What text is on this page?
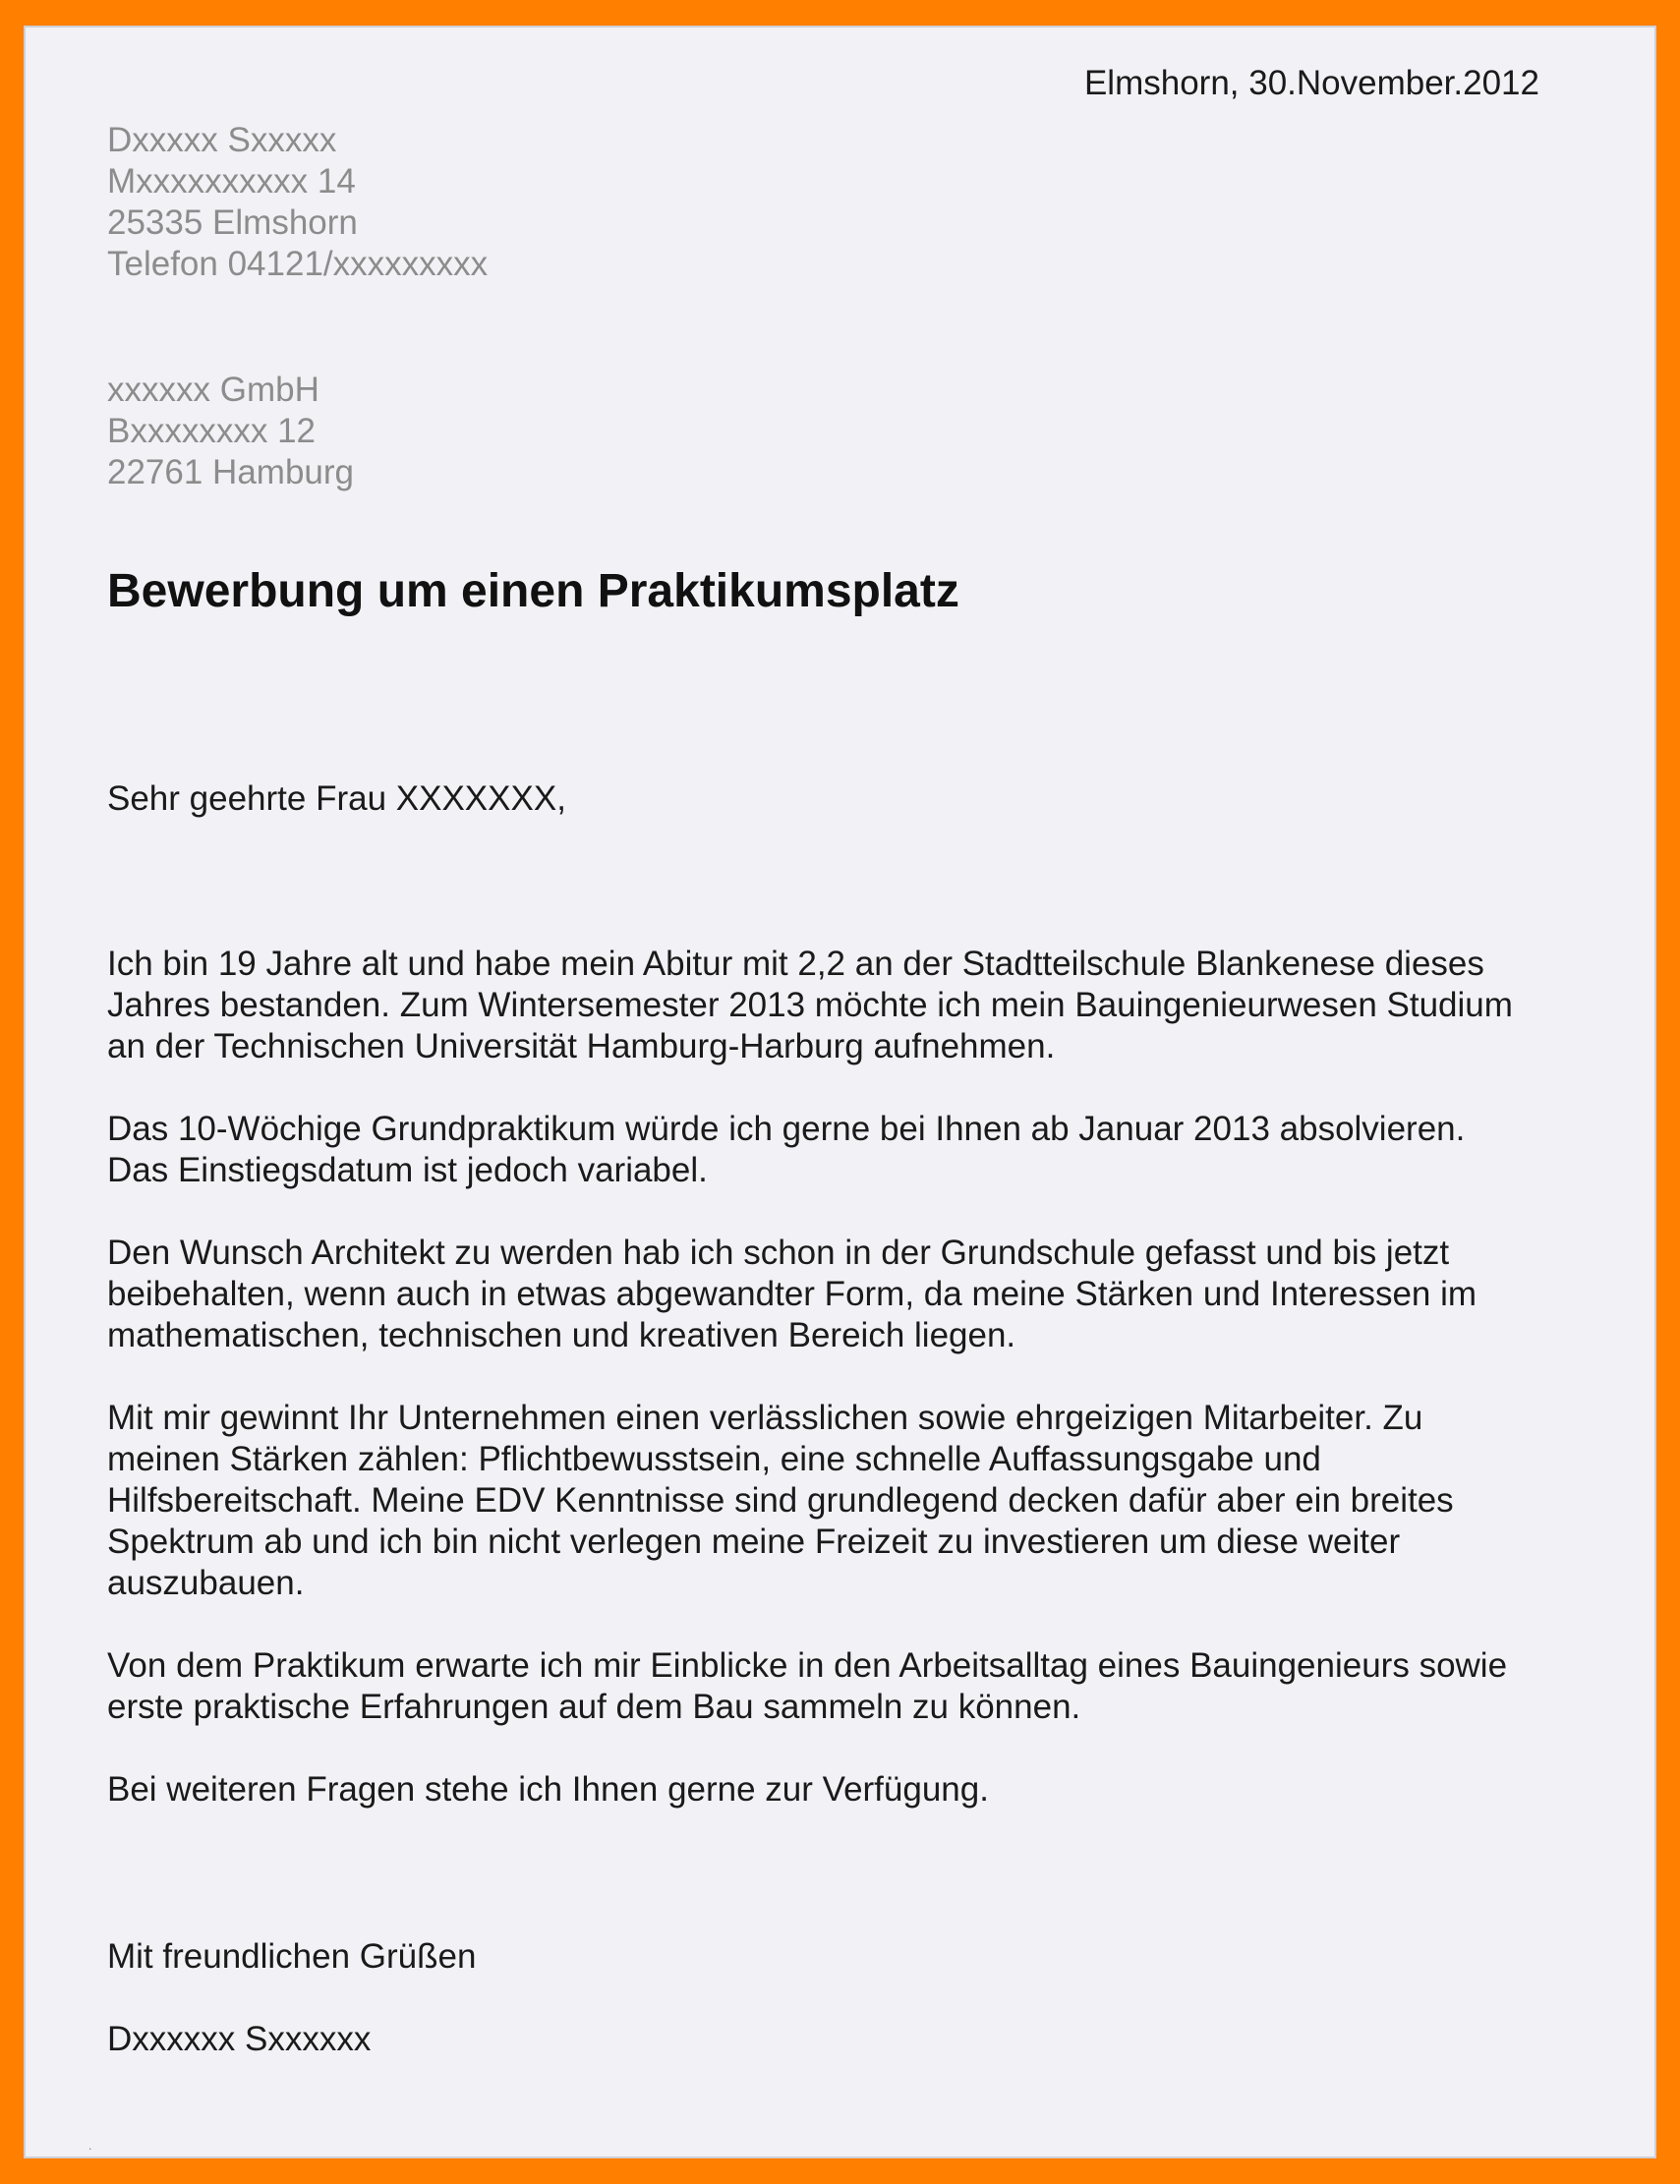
Elmshorn, 30.November.2012
Dxxxxx Sxxxxx
Mxxxxxxxxxx 14
25335 Elmshorn
Telefon 04121/xxxxxxxxx
xxxxxx GmbH
Bxxxxxxxx 12
22761 Hamburg
Bewerbung um einen Praktikumsplatz
Sehr geehrte Frau XXXXXXX,
Ich bin 19 Jahre alt und habe mein Abitur mit 2,2 an der Stadtteilschule Blankenese dieses
Jahres bestanden. Zum Wintersemester 2013 möchte ich mein Bauingenieurwesen Studium
an der Technischen Universität Hamburg-Harburg aufnehmen.
Das 10-Wöchige Grundpraktikum würde ich gerne bei Ihnen ab Januar 2013 absolvieren.
Das Einstiegsdatum ist jedoch variabel.
Den Wunsch Architekt zu werden hab ich schon in der Grundschule gefasst und bis jetzt
beibehalten, wenn auch in etwas abgewandter Form, da meine Stärken und Interessen im
mathematischen, technischen und kreativen Bereich liegen.
Mit mir gewinnt Ihr Unternehmen einen verlässlichen sowie ehrgeizigen Mitarbeiter. Zu
meinen Stärken zählen: Pflichtbewusstsein, eine schnelle Auffassungsgabe und
Hilfsbereitschaft. Meine EDV Kenntnisse sind grundlegend decken dafür aber ein breites
Spektrum ab und ich bin nicht verlegen meine Freizeit zu investieren um diese weiter
auszubauen.
Von dem Praktikum erwarte ich mir Einblicke in den Arbeitsalltag eines Bauingenieurs sowie
erste praktische Erfahrungen auf dem Bau sammeln zu können.
Bei weiteren Fragen stehe ich Ihnen gerne zur Verfügung.
Mit freundlichen Grüßen
Dxxxxxx Sxxxxxx
.
